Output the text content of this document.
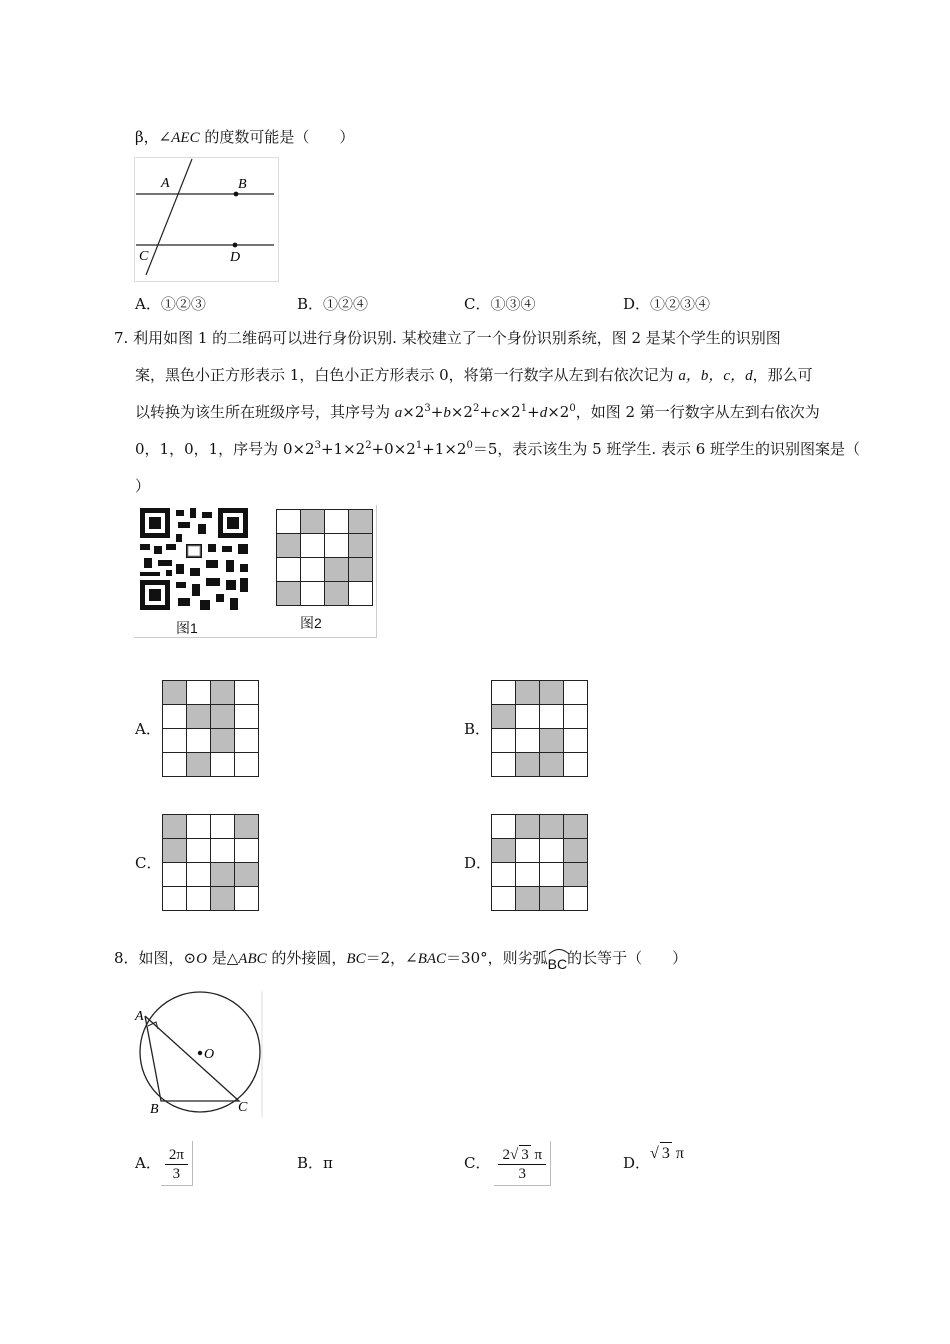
β，∠AEC 的度数可能是（　　）
A	B
C	D
A．①②③	B．①②④	C．①③④	D．①②③④
7. 利用如图 1 的二维码可以进行身份识别. 某校建立了一个身份识别系统，图 2 是某个学生的识别图
案，黑色小正方形表示 1，白色小正方形表示 0，将第一行数字从左到右依次记为 a，b，c，d，那么可
以转换为该生所在班级序号，其序号为 $a\times 2^3+b\times 2^2+c\times 2^1+d\times 2^0$，如图 2 第一行数字从左到右依次为
0，1，0，1，序号为 $0\times 2^3+1\times 2^2+0\times 2^1+1\times 2^0=5$，表示该生为 5 班学生. 表示 6 班学生的识别图案是（
）
图1

				图2
A．

				B．

C．

				D．

8．如图，⊙O 是△ABC 的外接圆，BC＝2，∠BAC＝30°，则劣弧
BC的长等于（　　）
O
A
B	C
A． $\frac{2\pi}{3}$	B．π	C． $\frac{2√ 3 \pi}{3}$	D．√ 3 π
